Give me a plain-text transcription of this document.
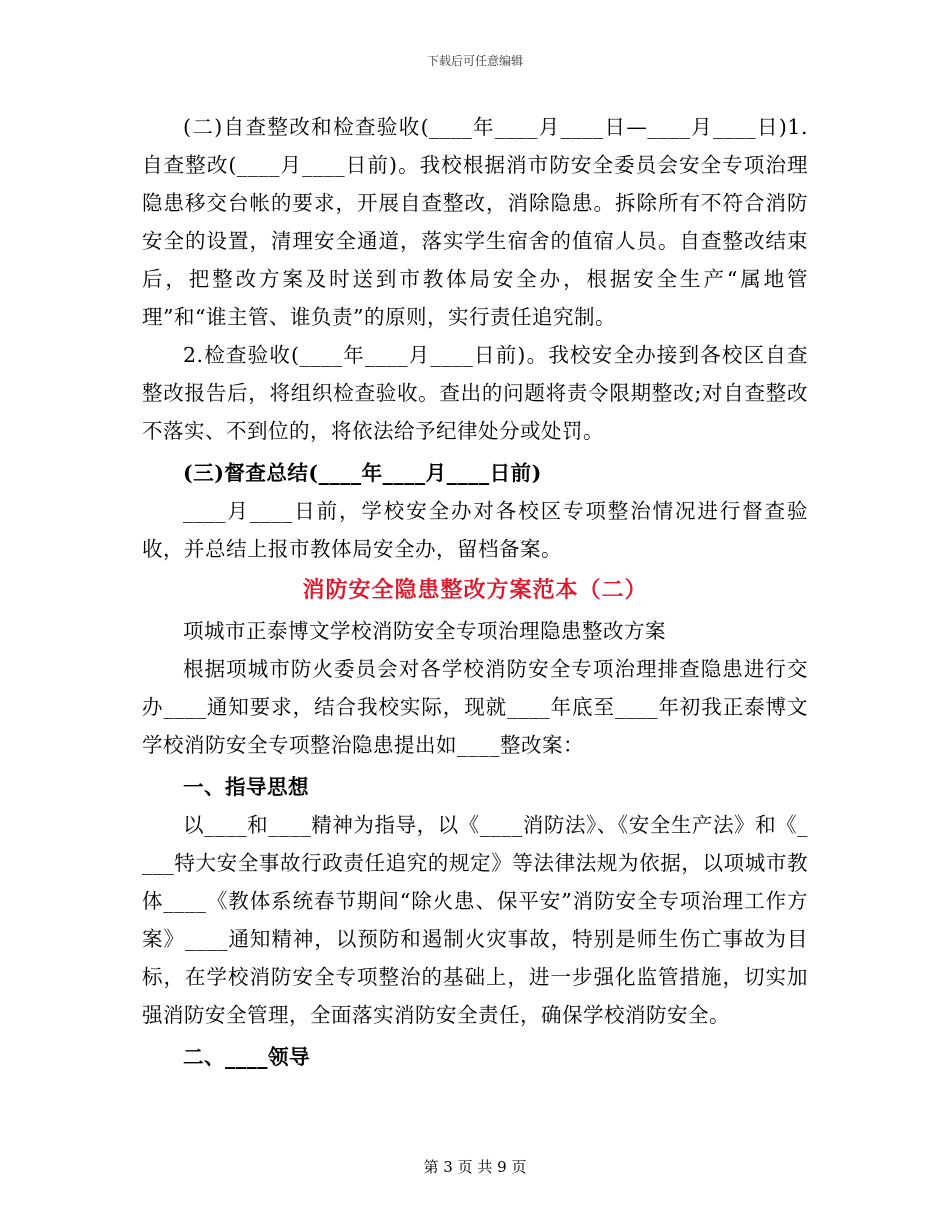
下载后可任意编辑

(二)自查整改和检查验收(____年____月____日—____月____日)1.自查整改(____月____日前)。我校根据消市防安全委员会安全专项治理隐患移交台帐的要求，开展自查整改，消除隐患。拆除所有不符合消防安全的设置，清理安全通道，落实学生宿舍的值宿人员。自查整改结束后，把整改方案及时送到市教体局安全办，根据安全生产“属地管理”和“谁主管、谁负责”的原则，实行责任追究制。

2.检查验收(____年____月____日前)。我校安全办接到各校区自查整改报告后，将组织检查验收。查出的问题将责令限期整改;对自查整改不落实、不到位的，将依法给予纪律处分或处罚。

(三)督查总结(____年____月____日前)

____月____日前，学校安全办对各校区专项整治情况进行督查验收，并总结上报市教体局安全办，留档备案。

消防安全隐患整改方案范本（二）

项城市正泰博文学校消防安全专项治理隐患整改方案

根据项城市防火委员会对各学校消防安全专项治理排查隐患进行交办____通知要求，结合我校实际，现就____年底至____年初我正泰博文学校消防安全专项整治隐患提出如____整改案：

一、指导思想

以____和____精神为指导，以《____消防法》、《安全生产法》和《____特大安全事故行政责任追究的规定》等法律法规为依据，以项城市教体____《教体系统春节期间“除火患、保平安”消防安全专项治理工作方案》____通知精神，以预防和遏制火灾事故，特别是师生伤亡事故为目标，在学校消防安全专项整治的基础上，进一步强化监管措施，切实加强消防安全管理，全面落实消防安全责任，确保学校消防安全。

二、____领导

第 3 页 共 9 页
